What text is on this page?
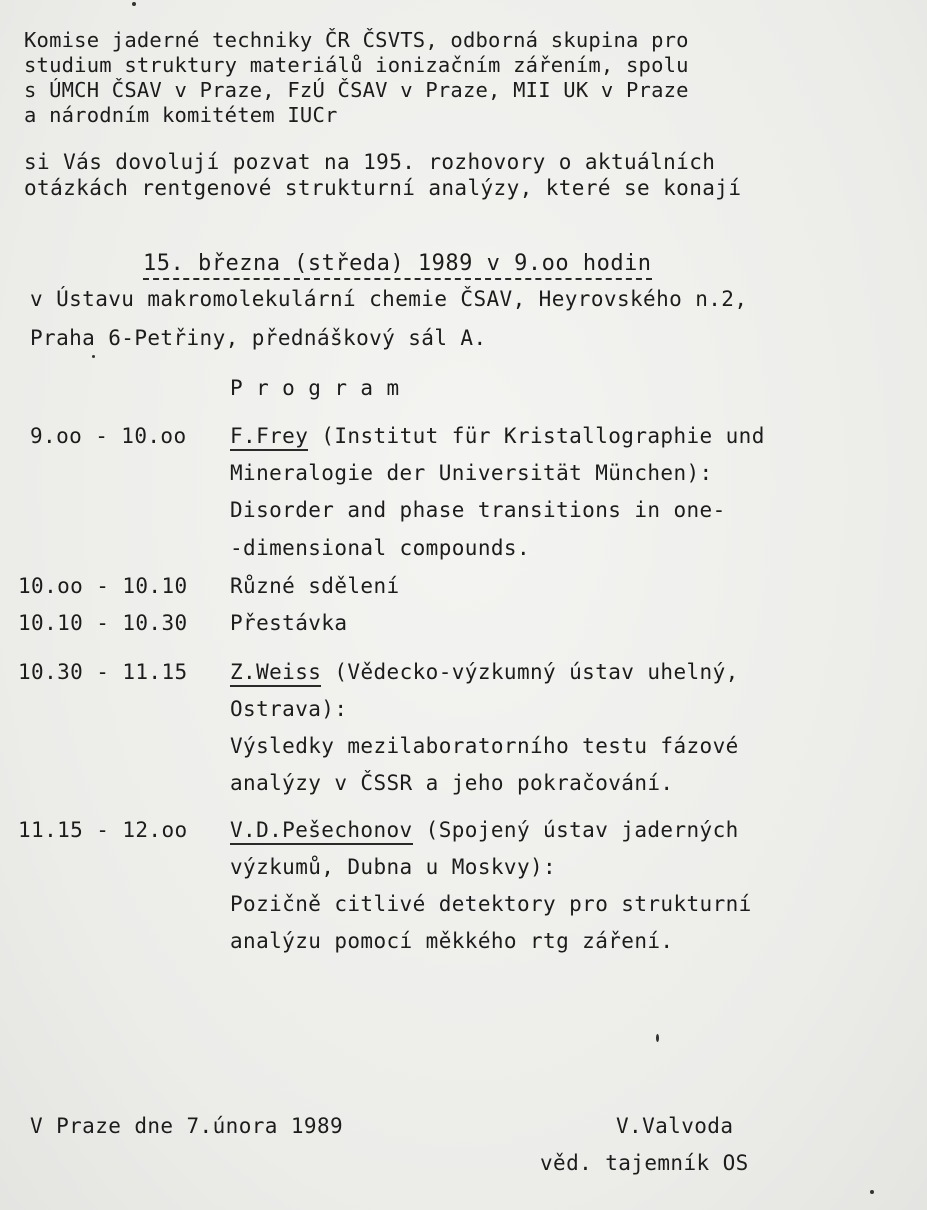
Komise jaderné techniky ČR ČSVTS, odborná skupina pro
studium struktury materiálů ionizačním zářením, spolu
s ÚMCH ČSAV v Praze, FzÚ ČSAV v Praze, MII UK v Praze
a národním komitétem IUCr
si Vás dovolují pozvat na 195. rozhovory o aktuálních
otázkách rentgenové strukturní analýzy, které se konají

15. března (středa) 1989 v 9.oo hodin

v Ústavu makromolekulární chemie ČSAV, Heyrovského n.2,
Praha 6-Petřiny, přednáškový sál A.
P r o g r a m
9.oo - 10.oo F.Frey (Institut für Kristallographie und
Mineralogie der Universität München):
Disorder and phase transitions in one-
-dimensional compounds.
10.oo - 10.10 Různé sdělení
10.10 - 10.30 Přestávka
10.30 - 11.15 Z.Weiss (Vědecko-výzkumný ústav uhelný,
Ostrava):
Výsledky mezilaboratorního testu fázové
analýzy v ČSSR a jeho pokračování.
11.15 - 12.oo V.D.Pešechonov (Spojený ústav jaderných
výzkumů, Dubna u Moskvy):
Pozičně citlivé detektory pro strukturní
analýzu pomocí měkkého rtg záření.
V Praze dne 7.února 1989	V.Valvoda
věd. tajemník OS
